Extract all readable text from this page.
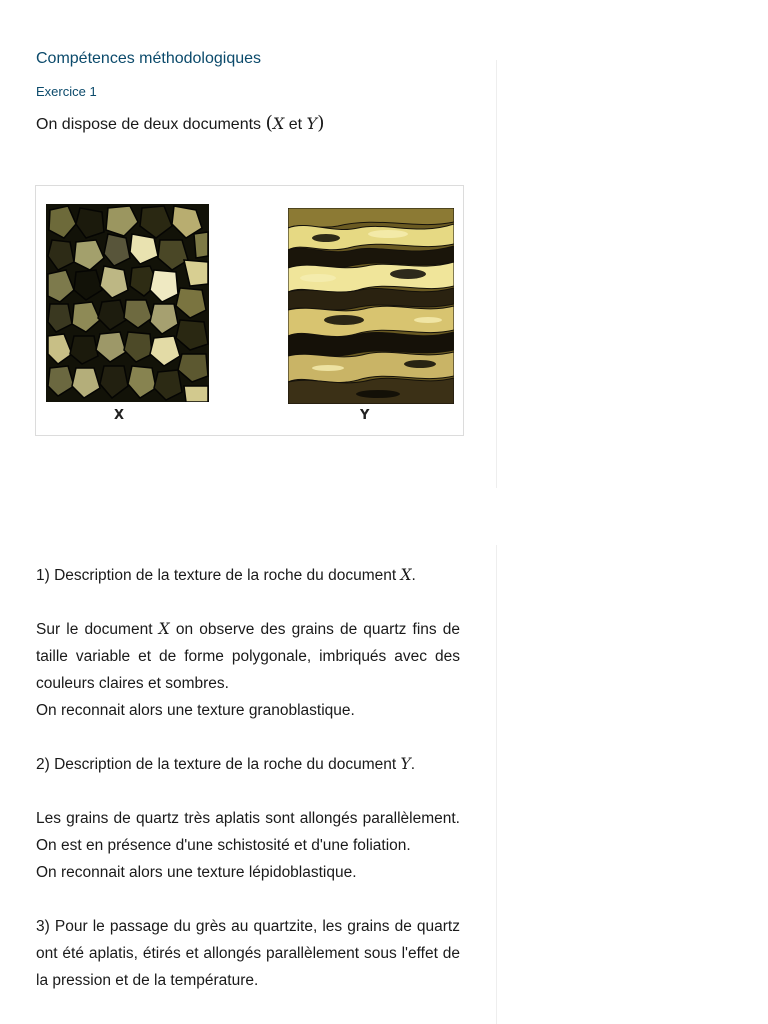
Compétences méthodologiques
Exercice 1
On dispose de deux documents (X et Y)
X	Y

1) Description de la texture de la roche du document X.

Sur le document X on observe des grains de quartz fins de taille variable et de forme polygonale, imbriqués avec des couleurs claires et sombres.
On reconnait alors une texture granoblastique.

2) Description de la texture de la roche du document Y.

Les grains de quartz très aplatis sont allongés parallèlement. On est en présence d'une schistosité et d'une foliation.
On reconnait alors une texture lépidoblastique.

3) Pour le passage du grès au quartzite, les grains de quartz ont été aplatis, étirés et allongés parallèlement sous l'effet de la pression et de la température.
